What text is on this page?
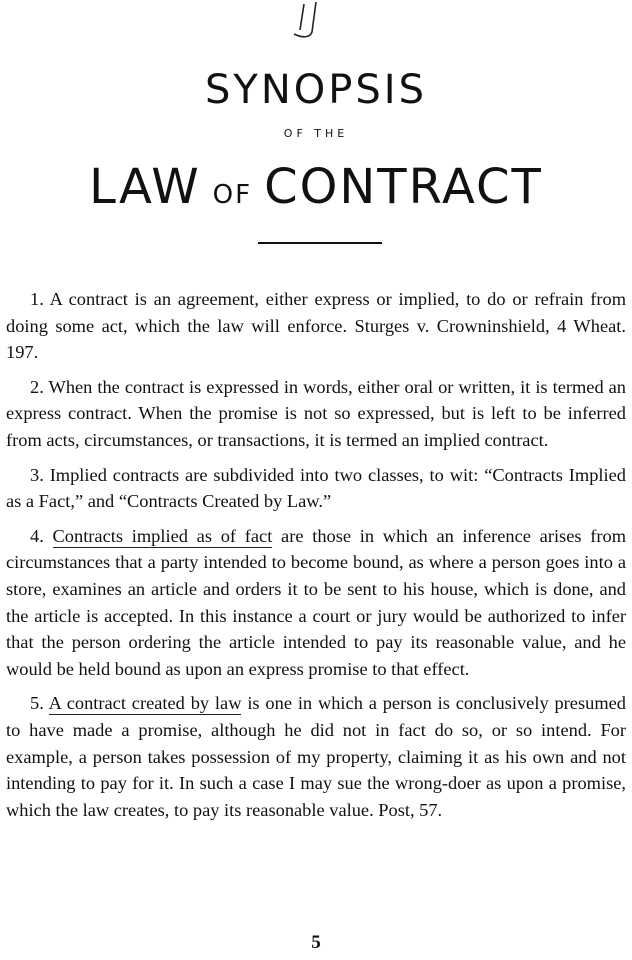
SYNOPSIS
OF THE
LAW OF CONTRACT

1. A contract is an agreement, either express or implied, to do or refrain from doing some act, which the law will enforce. Sturges v. Crowninshield, 4 Wheat. 197.

2. When the contract is expressed in words, either oral or written, it is termed an express contract. When the promise is not so expressed, but is left to be inferred from acts, circumstances, or transactions, it is termed an implied contract.

3. Implied contracts are subdivided into two classes, to wit: “Contracts Implied as a Fact,” and “Contracts Created by Law.”

4. Contracts implied as of fact are those in which an inference arises from circumstances that a party intended to become bound, as where a person goes into a store, examines an article and orders it to be sent to his house, which is done, and the article is accepted. In this instance a court or jury would be authorized to infer that the person ordering the article intended to pay its reasonable value, and he would be held bound as upon an express promise to that effect.

5. A contract created by law is one in which a person is conclusively presumed to have made a promise, although he did not in fact do so, or so intend. For example, a person takes possession of my property, claiming it as his own and not intending to pay for it. In such a case I may sue the wrong-doer as upon a promise, which the law creates, to pay its reasonable value. Post, 57.

5
